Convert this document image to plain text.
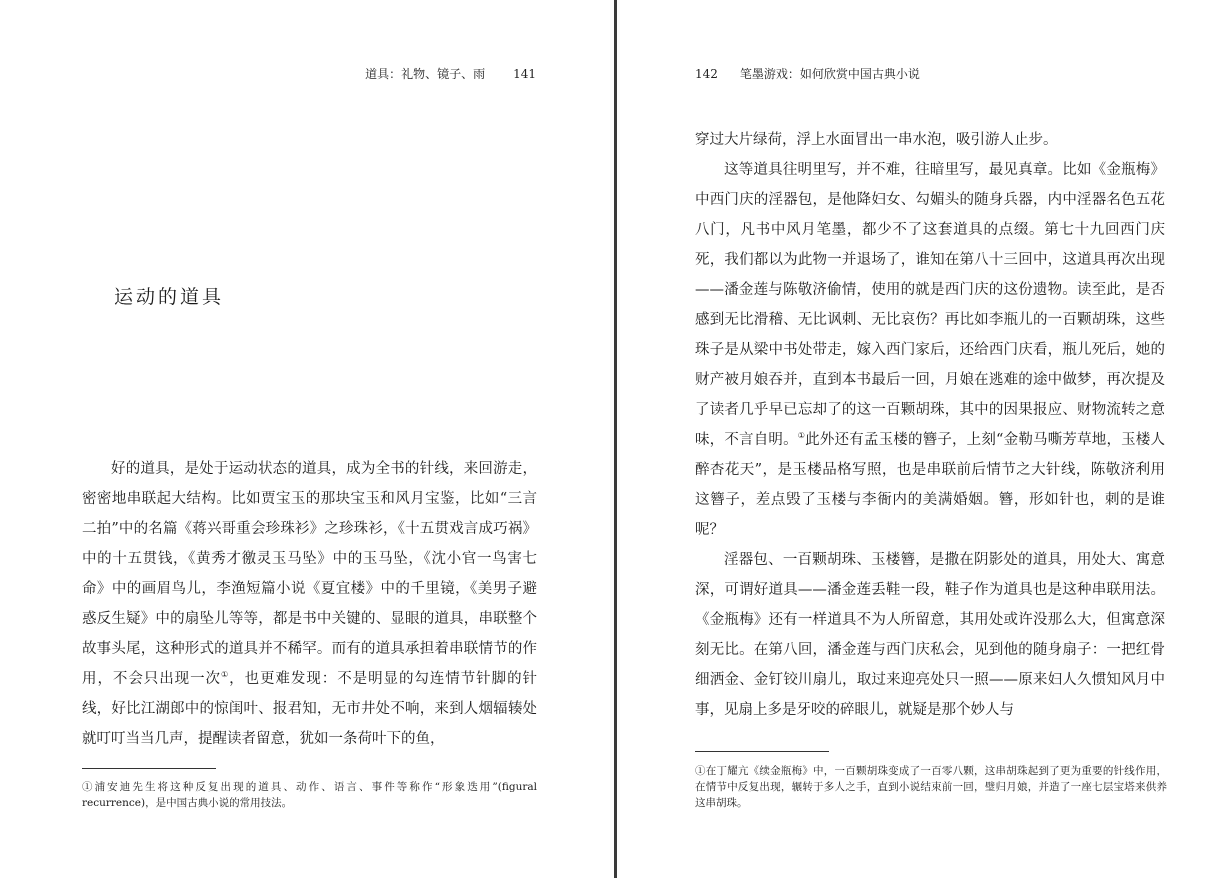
道具：礼物、镜子、雨 141
运动的道具

好的道具，是处于运动状态的道具，成为全书的针线，来回游走，密密地串联起大结构。比如贾宝玉的那块宝玉和风月宝鉴，比如“三言二拍”中的名篇《蒋兴哥重会珍珠衫》之珍珠衫，《十五贯戏言成巧祸》中的十五贯钱，《黄秀才徼灵玉马坠》中的玉马坠，《沈小官一鸟害七命》中的画眉鸟儿，李渔短篇小说《夏宜楼》中的千里镜，《美男子避惑反生疑》中的扇坠儿等等，都是书中关键的、显眼的道具，串联整个故事头尾，这种形式的道具并不稀罕。而有的道具承担着串联情节的作用，不会只出现一次①，也更难发现：不是明显的勾连情节针脚的针线，好比江湖郎中的惊闺叶、报君知，无市井处不响，来到人烟辐辏处就叮叮当当几声，提醒读者留意，犹如一条荷叶下的鱼，

①浦安迪先生将这种反复出现的道具、动作、语言、事件等称作“形象迭用”(figural recurrence)，是中国古典小说的常用技法。
142 笔墨游戏：如何欣赏中国古典小说

穿过大片绿荷，浮上水面冒出一串水泡，吸引游人止步。

这等道具往明里写，并不难，往暗里写，最见真章。比如《金瓶梅》中西门庆的淫器包，是他降妇女、勾媚头的随身兵器，内中淫器名色五花八门，凡书中风月笔墨，都少不了这套道具的点缀。第七十九回西门庆死，我们都以为此物一并退场了，谁知在第八十三回中，这道具再次出现——潘金莲与陈敬济偷情，使用的就是西门庆的这份遗物。读至此，是否感到无比滑稽、无比讽刺、无比哀伤？再比如李瓶儿的一百颗胡珠，这些珠子是从梁中书处带走，嫁入西门家后，还给西门庆看，瓶儿死后，她的财产被月娘吞并，直到本书最后一回，月娘在逃难的途中做梦，再次提及了读者几乎早已忘却了的这一百颗胡珠，其中的因果报应、财物流转之意味，不言自明。①此外还有孟玉楼的簪子，上刻“金勒马嘶芳草地，玉楼人醉杏花天”，是玉楼品格写照，也是串联前后情节之大针线，陈敬济利用这簪子，差点毁了玉楼与李衙内的美满婚姻。簪，形如针也，刺的是谁呢？

淫器包、一百颗胡珠、玉楼簪，是撒在阴影处的道具，用处大、寓意深，可谓好道具——潘金莲丢鞋一段，鞋子作为道具也是这种串联用法。《金瓶梅》还有一样道具不为人所留意，其用处或许没那么大，但寓意深刻无比。在第八回，潘金莲与西门庆私会，见到他的随身扇子：一把红骨细洒金、金钉铰川扇儿，取过来迎亮处只一照——原来妇人久惯知风月中事，见扇上多是牙咬的碎眼儿，就疑是那个妙人与

①在丁耀亢《续金瓶梅》中，一百颗胡珠变成了一百零八颗，这串胡珠起到了更为重要的针线作用，在情节中反复出现，辗转于多人之手，直到小说结束前一回，璧归月娘，并造了一座七层宝塔来供养这串胡珠。
